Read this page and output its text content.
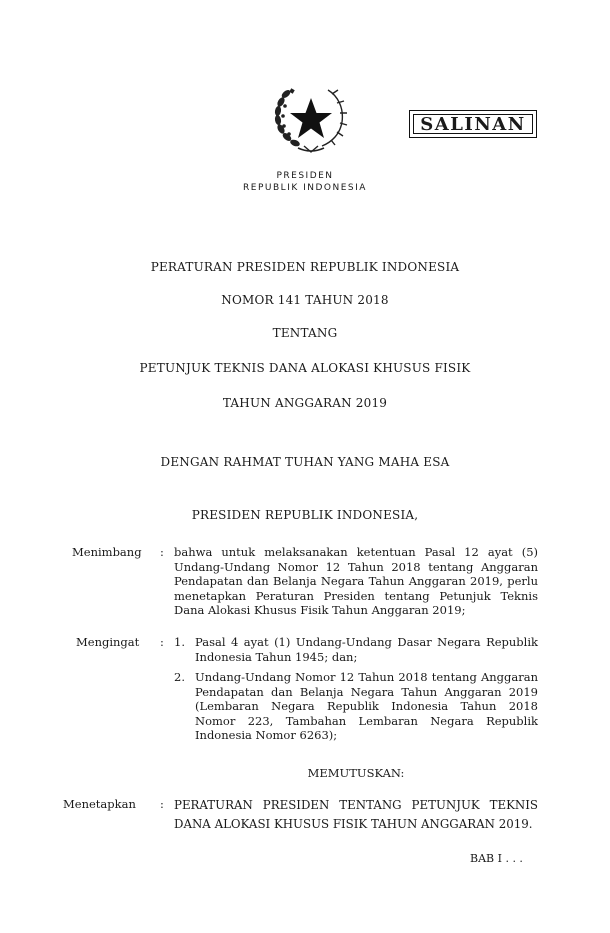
SALINAN
PRESIDEN
REPUBLIK INDONESIA
PERATURAN PRESIDEN REPUBLIK INDONESIA
NOMOR 141 TAHUN 2018
TENTANG
PETUNJUK TEKNIS DANA ALOKASI KHUSUS FISIK
TAHUN ANGGARAN 2019
DENGAN RAHMAT TUHAN YANG MAHA ESA
PRESIDEN REPUBLIK INDONESIA,
Menimbang : bahwa untuk melaksanakan ketentuan Pasal 12 ayat (5) Undang-Undang Nomor 12 Tahun 2018 tentang Anggaran Pendapatan dan Belanja Negara Tahun Anggaran 2019, perlu menetapkan Peraturan Presiden tentang Petunjuk Teknis Dana Alokasi Khusus Fisik Tahun Anggaran 2019;
Mengingat : 1. Pasal 4 ayat (1) Undang-Undang Dasar Negara Republik Indonesia Tahun 1945; dan;
2. Undang-Undang Nomor 12 Tahun 2018 tentang Anggaran Pendapatan dan Belanja Negara Tahun Anggaran 2019 (Lembaran Negara Republik Indonesia Tahun 2018 Nomor 223, Tambahan Lembaran Negara Republik Indonesia Nomor 6263);
MEMUTUSKAN:
Menetapkan : PERATURAN PRESIDEN TENTANG PETUNJUK TEKNIS DANA ALOKASI KHUSUS FISIK TAHUN ANGGARAN 2019.
BAB I . . .
